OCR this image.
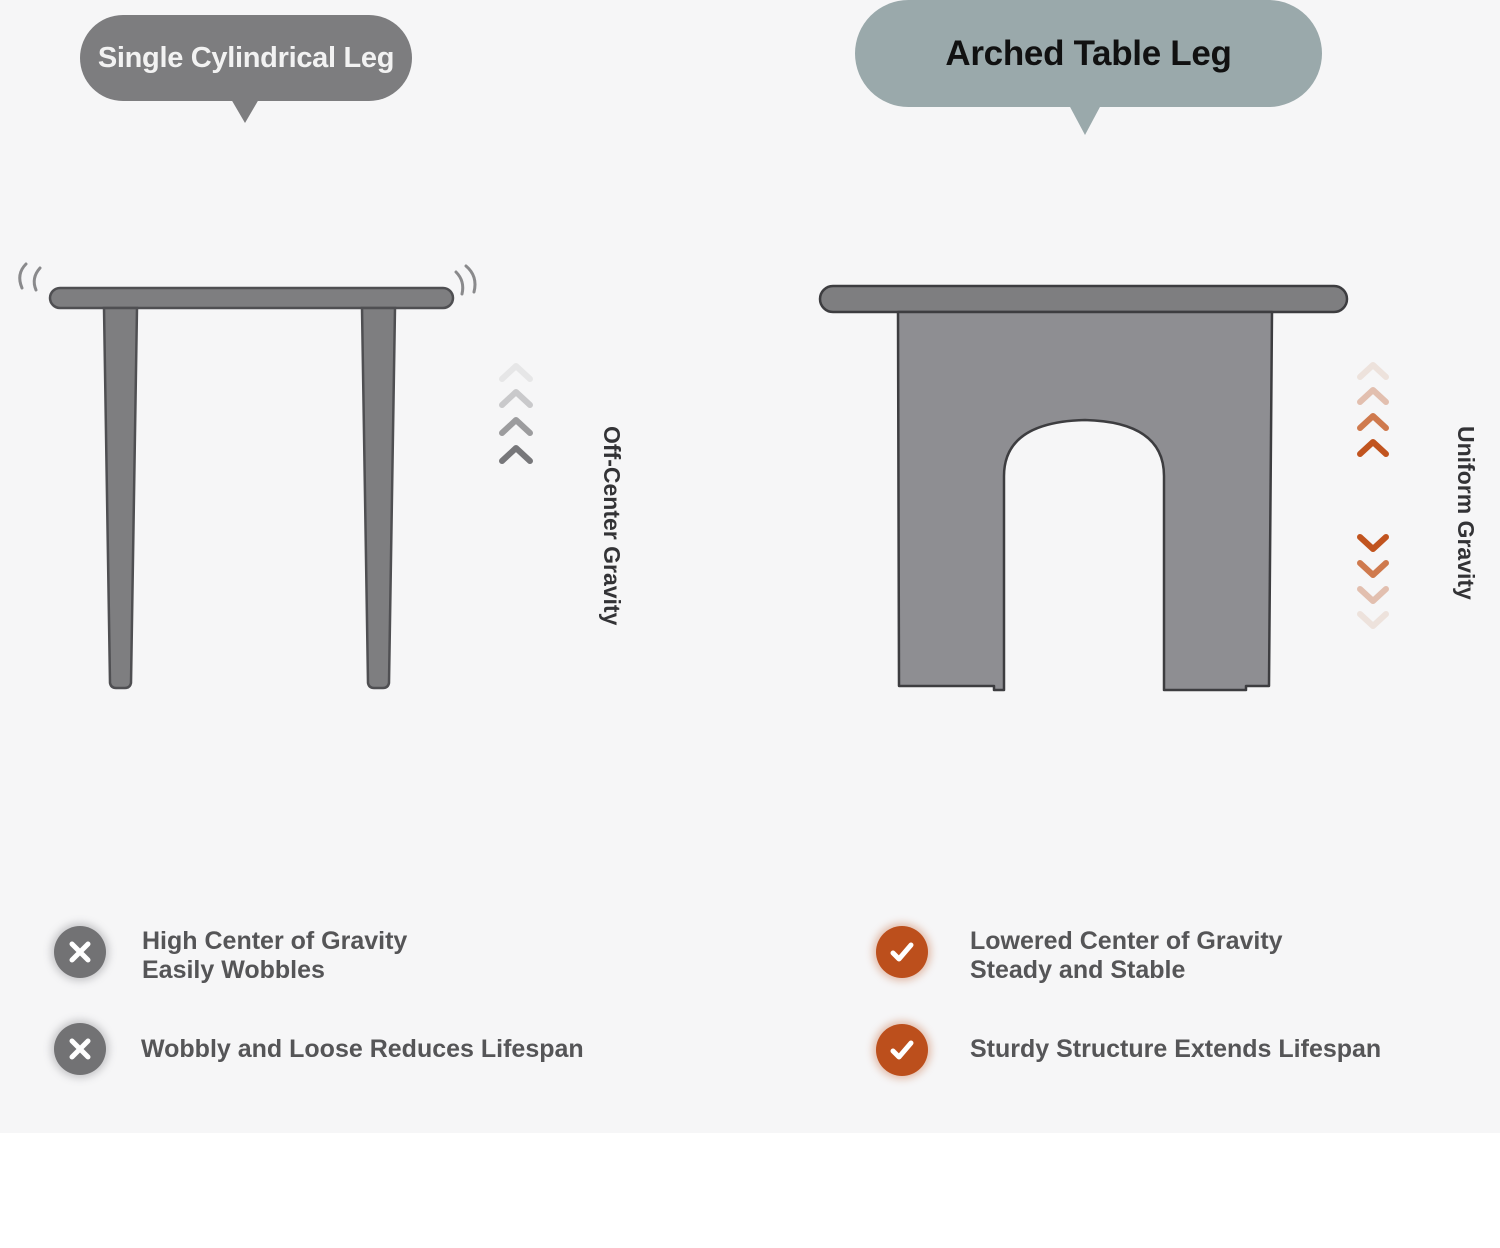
Single Cylindrical Leg	Arched Table Leg
Off-Center Gravity	Uniform Gravity
High Center of Gravity
Easily Wobbles
Wobbly and Loose Reduces Lifespan
Lowered Center of Gravity
Steady and Stable
Sturdy Structure Extends Lifespan
